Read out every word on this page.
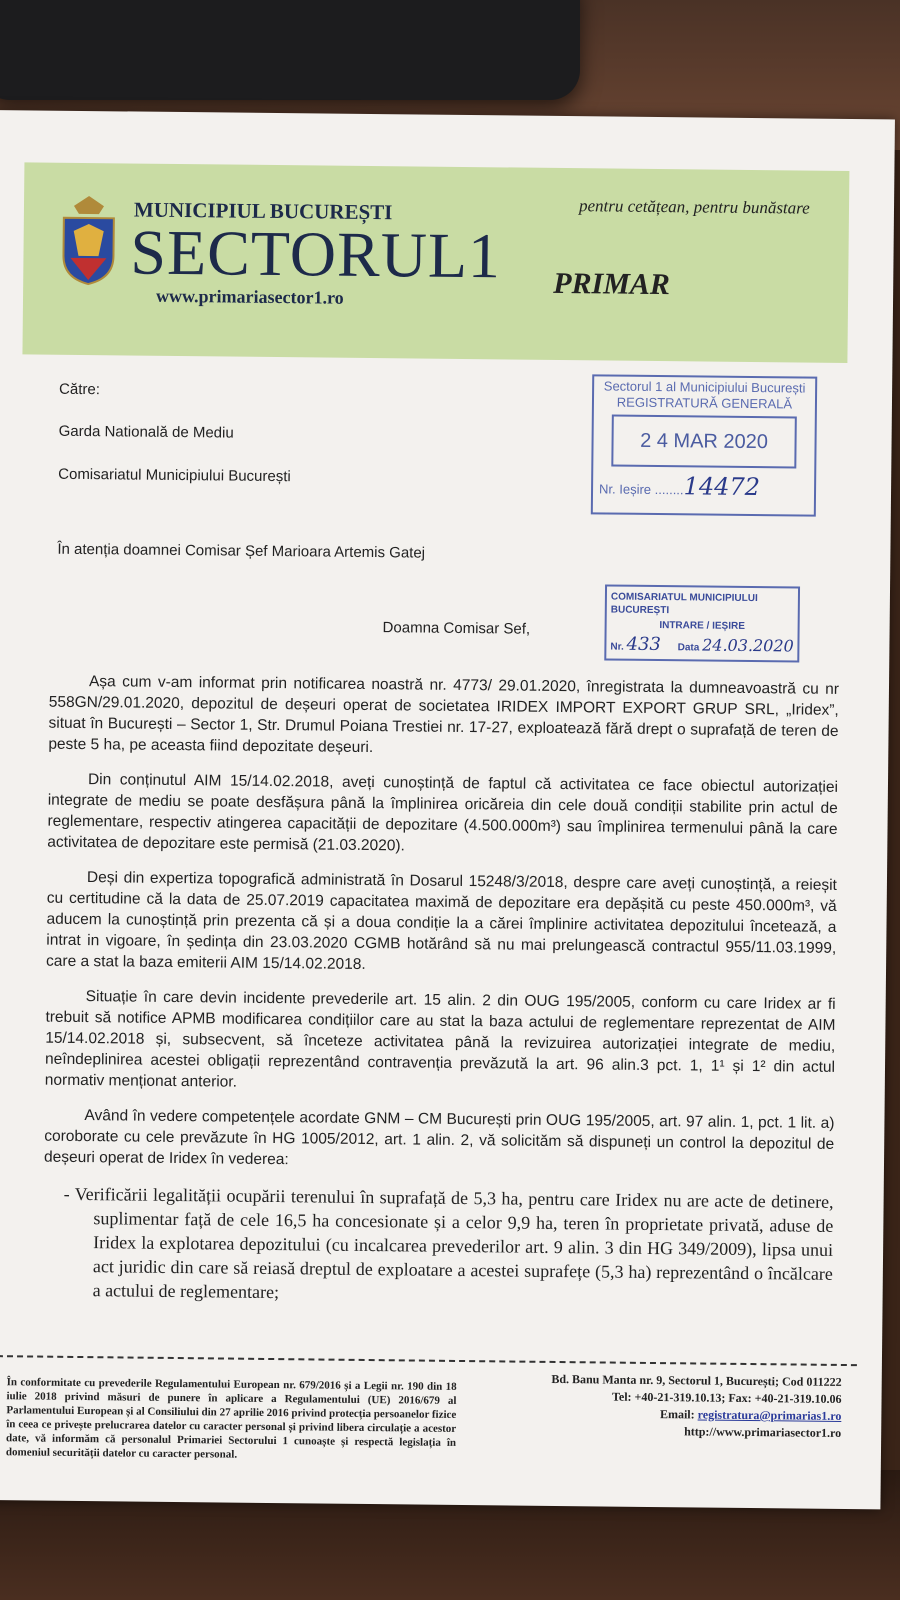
MUNICIPIUL BUCUREȘTI
SECTORUL1
www.primariasector1.ro
pentru cetățean, pentru bunăstare
PRIMAR
Către:
Garda Natională de Mediu
Comisariatul Municipiului București
În atenția doamnei Comisar Șef Marioara Artemis Gatej
Doamna Comisar Sef,
Sectorul 1 al Municipiului București
REGISTRATURĂ GENERALĂ
2 4 MAR 2020
Nr. Ieșire ........14472
COMISARIATUL MUNICIPIULUI BUCUREȘTI
INTRARE / IEȘIRE
Nr. 433 Data 24.03.2020

Așa cum v-am informat prin notificarea noastră nr. 4773/ 29.01.2020, înregistrata la dumneavoastră cu nr 558GN/29.01.2020, depozitul de deșeuri operat de societatea IRIDEX IMPORT EXPORT GRUP SRL, „Iridex”, situat în București – Sector 1, Str. Drumul Poiana Trestiei nr. 17-27, exploatează fără drept o suprafață de teren de peste 5 ha, pe aceasta fiind depozitate deșeuri.

Din conținutul AIM 15/14.02.2018, aveți cunoștință de faptul că activitatea ce face obiectul autorizației integrate de mediu se poate desfășura până la împlinirea oricăreia din cele două condiții stabilite prin actul de reglementare, respectiv atingerea capacității de depozitare (4.500.000m³) sau împlinirea termenului până la care activitatea de depozitare este permisă (21.03.2020).

Deși din expertiza topografică administrată în Dosarul 15248/3/2018, despre care aveți cunoștință, a reieșit cu certitudine că la data de 25.07.2019 capacitatea maximă de depozitare era depășită cu peste 450.000m³, vă aducem la cunoștință prin prezenta că și a doua condiție la a cărei împlinire activitatea depozitului încetează, a intrat in vigoare, în ședința din 23.03.2020 CGMB hotărând să nu mai prelungească contractul 955/11.03.1999, care a stat la baza emiterii AIM 15/14.02.2018.

Situație în care devin incidente prevederile art. 15 alin. 2 din OUG 195/2005, conform cu care Iridex ar fi trebuit să notifice APMB modificarea condițiilor care au stat la baza actului de reglementare reprezentat de AIM 15/14.02.2018 și, subsecvent, să înceteze activitatea până la revizuirea autorizației integrate de mediu, neîndeplinirea acestei obligații reprezentând contravenția prevăzută la art. 96 alin.3 pct. 1, 1¹ și 1² din actul normativ menționat anterior.

Având în vedere competențele acordate GNM – CM București prin OUG 195/2005, art. 97 alin. 1, pct. 1 lit. a) coroborate cu cele prevăzute în HG 1005/2012, art. 1 alin. 2, vă solicităm să dispuneți un control la depozitul de deșeuri operat de Iridex în vederea:

- Verificării legalității ocupării terenului în suprafață de 5,3 ha, pentru care Iridex nu are acte de detinere, suplimentar față de cele 16,5 ha concesionate și a celor 9,9 ha, teren în proprietate privată, aduse de Iridex la explotarea depozitului (cu incalcarea prevederilor art. 9 alin. 3 din HG 349/2009), lipsa unui act juridic din care să reiasă dreptul de exploatare a acestei suprafețe (5,3 ha) reprezentând o încălcare a actului de reglementare;

În conformitate cu prevederile Regulamentului European nr. 679/2016 și a Legii nr. 190 din 18 iulie 2018 privind măsuri de punere în aplicare a Regulamentului (UE) 2016/679 al Parlamentului European și al Consiliului din 27 aprilie 2016 privind protecția persoanelor fizice în ceea ce privește prelucrarea datelor cu caracter personal și privind libera circulație a acestor date, vă informăm că personalul Primariei Sectorului 1 cunoaște și respectă legislația în domeniul securității datelor cu caracter personal.
Bd. Banu Manta nr. 9, Sectorul 1, București; Cod 011222
Tel: +40-21-319.10.13; Fax: +40-21-319.10.06
Email: registratura@primarias1.ro
http://www.primariasector1.ro
